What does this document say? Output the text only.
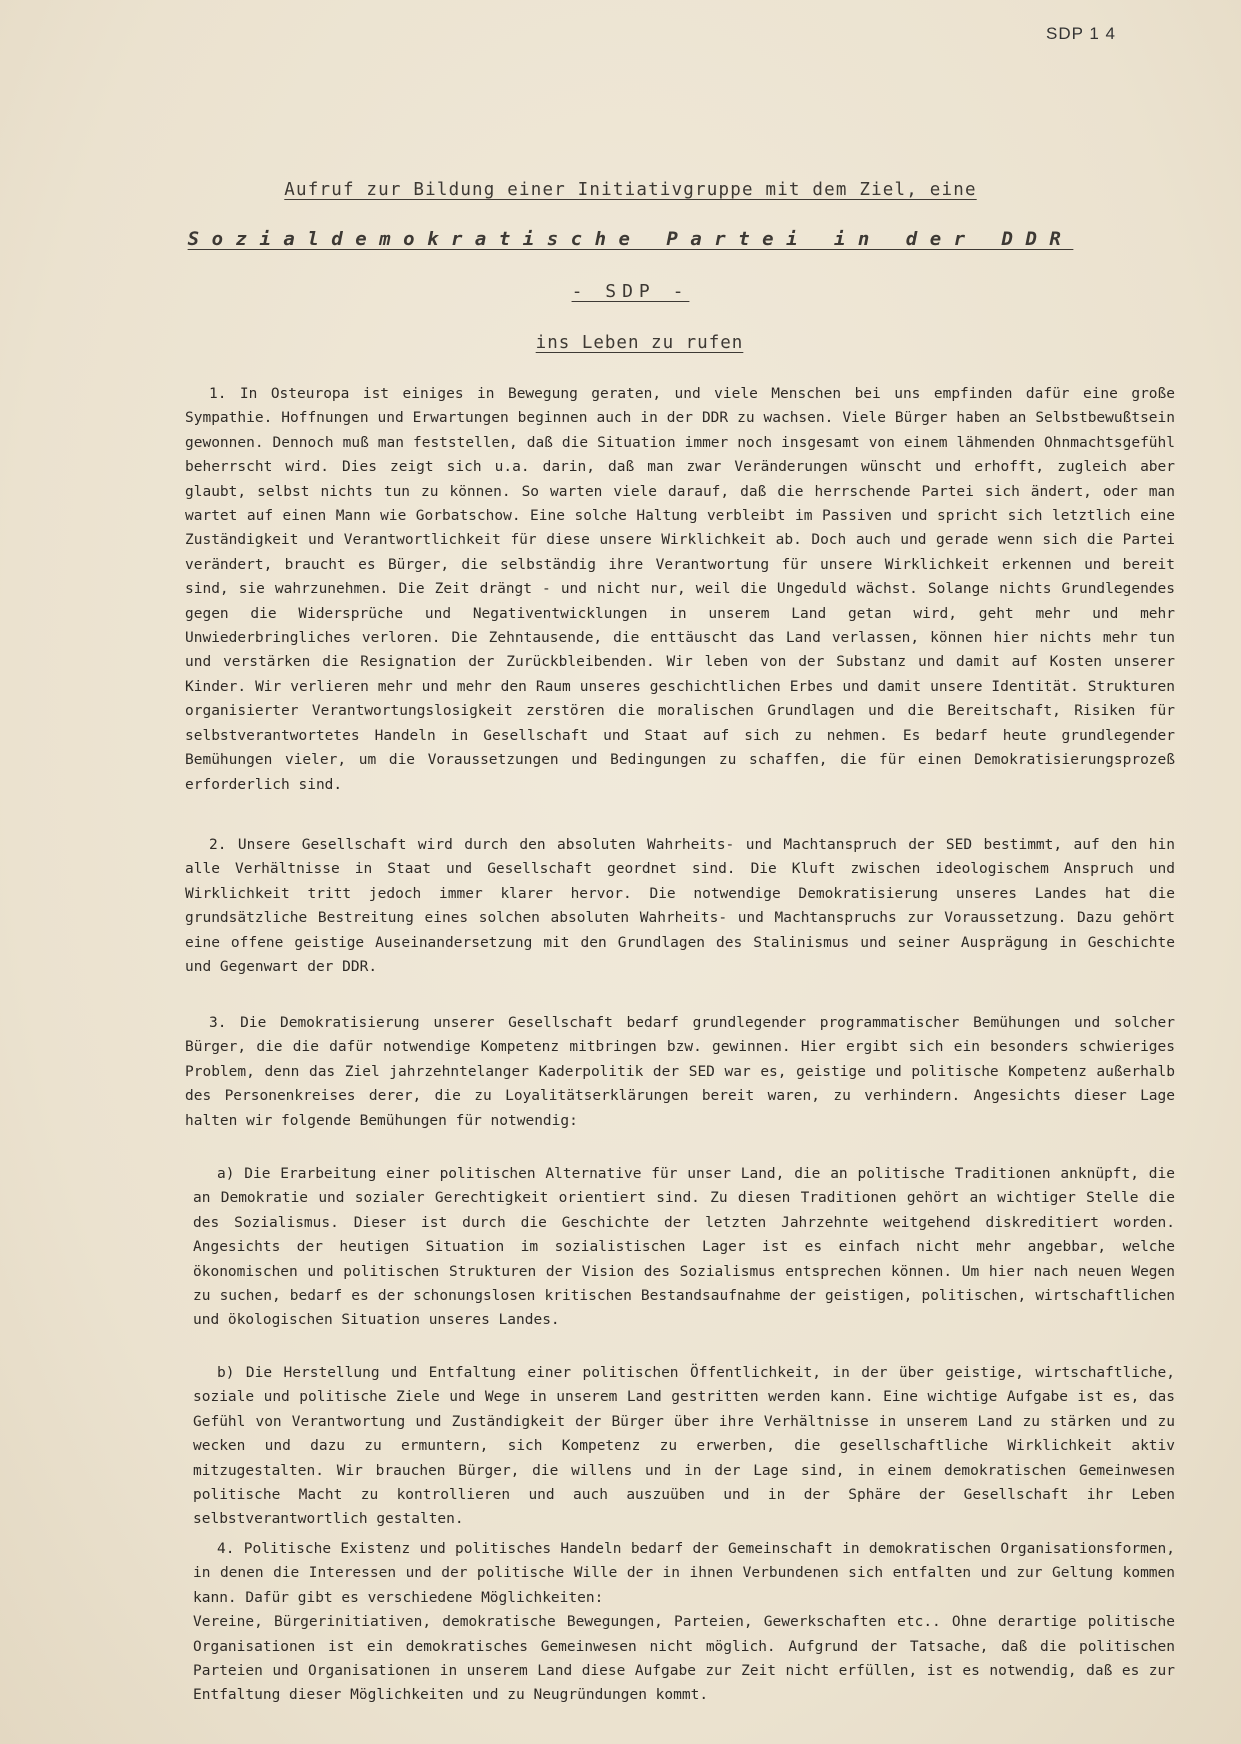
SDP 1 4
Aufruf zur Bildung einer Initiativgruppe mit dem Ziel, eine
Sozialdemokratische Partei in der DDR
- SDP -
ins Leben zu rufen

1. In Osteuropa ist einiges in Bewegung geraten, und viele Menschen bei uns empfinden dafür eine große Sympathie. Hoffnungen und Erwartungen beginnen auch in der DDR zu wachsen. Viele Bürger haben an Selbstbewußtsein gewonnen. Dennoch muß man feststellen, daß die Situation immer noch insgesamt von einem lähmenden Ohnmachtsgefühl beherrscht wird. Dies zeigt sich u.a. darin, daß man zwar Veränderungen wünscht und erhofft, zugleich aber glaubt, selbst nichts tun zu können. So warten viele darauf, daß die herrschende Partei sich ändert, oder man wartet auf einen Mann wie Gorbatschow. Eine solche Haltung verbleibt im Passiven und spricht sich letztlich eine Zuständigkeit und Verantwortlichkeit für diese unsere Wirklichkeit ab. Doch auch und gerade wenn sich die Partei verändert, braucht es Bürger, die selbständig ihre Verantwortung für unsere Wirklichkeit erkennen und bereit sind, sie wahrzunehmen. Die Zeit drängt - und nicht nur, weil die Ungeduld wächst. Solange nichts Grundlegendes gegen die Widersprüche und Negativentwicklungen in unserem Land getan wird, geht mehr und mehr Unwiederbringliches verloren. Die Zehntausende, die enttäuscht das Land verlassen, können hier nichts mehr tun und verstärken die Resignation der Zurückbleibenden. Wir leben von der Substanz und damit auf Kosten unserer Kinder. Wir verlieren mehr und mehr den Raum unseres geschichtlichen Erbes und damit unsere Identität. Strukturen organisierter Verantwortungslosigkeit zerstören die moralischen Grundlagen und die Bereitschaft, Risiken für selbstverantwortetes Handeln in Gesellschaft und Staat auf sich zu nehmen. Es bedarf heute grundlegender Bemühungen vieler, um die Voraussetzungen und Bedingungen zu schaffen, die für einen Demokratisierungsprozeß erforderlich sind.

2. Unsere Gesellschaft wird durch den absoluten Wahrheits- und Machtanspruch der SED bestimmt, auf den hin alle Verhältnisse in Staat und Gesellschaft geordnet sind. Die Kluft zwischen ideologischem Anspruch und Wirklichkeit tritt jedoch immer klarer hervor. Die notwendige Demokratisierung unseres Landes hat die grundsätzliche Bestreitung eines solchen absoluten Wahrheits- und Machtanspruchs zur Voraussetzung. Dazu gehört eine offene geistige Auseinandersetzung mit den Grundlagen des Stalinismus und seiner Ausprägung in Geschichte und Gegenwart der DDR.

3. Die Demokratisierung unserer Gesellschaft bedarf grundlegender programmatischer Bemühungen und solcher Bürger, die die dafür notwendige Kompetenz mitbringen bzw. gewinnen. Hier ergibt sich ein besonders schwieriges Problem, denn das Ziel jahrzehntelanger Kaderpolitik der SED war es, geistige und politische Kompetenz außerhalb des Personenkreises derer, die zu Loyalitätserklärungen bereit waren, zu verhindern. Angesichts dieser Lage halten wir folgende Bemühungen für notwendig:

a) Die Erarbeitung einer politischen Alternative für unser Land, die an politische Traditionen anknüpft, die an Demokratie und sozialer Gerechtigkeit orientiert sind. Zu diesen Traditionen gehört an wichtiger Stelle die des Sozialismus. Dieser ist durch die Geschichte der letzten Jahrzehnte weitgehend diskreditiert worden. Angesichts der heutigen Situation im sozialistischen Lager ist es einfach nicht mehr angebbar, welche ökonomischen und politischen Strukturen der Vision des Sozialismus entsprechen können. Um hier nach neuen Wegen zu suchen, bedarf es der schonungslosen kritischen Bestandsaufnahme der geistigen, politischen, wirtschaftlichen und ökologischen Situation unseres Landes.

b) Die Herstellung und Entfaltung einer politischen Öffentlichkeit, in der über geistige, wirtschaftliche, soziale und politische Ziele und Wege in unserem Land gestritten werden kann. Eine wichtige Aufgabe ist es, das Gefühl von Verantwortung und Zuständigkeit der Bürger über ihre Verhältnisse in unserem Land zu stärken und zu wecken und dazu zu ermuntern, sich Kompetenz zu erwerben, die gesellschaftliche Wirklichkeit aktiv mitzugestalten. Wir brauchen Bürger, die willens und in der Lage sind, in einem demokratischen Gemeinwesen politische Macht zu kontrollieren und auch auszuüben und in der Sphäre der Gesellschaft ihr Leben selbstverantwortlich gestalten.

4. Politische Existenz und politisches Handeln bedarf der Gemeinschaft in demokratischen Organisationsformen, in denen die Interessen und der politische Wille der in ihnen Verbundenen sich entfalten und zur Geltung kommen kann. Dafür gibt es verschiedene Möglichkeiten:
Vereine, Bürgerinitiativen, demokratische Bewegungen, Parteien, Gewerkschaften etc.. Ohne derartige politische Organisationen ist ein demokratisches Gemeinwesen nicht möglich. Aufgrund der Tatsache, daß die politischen Parteien und Organisationen in unserem Land diese Aufgabe zur Zeit nicht erfüllen, ist es notwendig, daß es zur Entfaltung dieser Möglichkeiten und zu Neugründungen kommt.
